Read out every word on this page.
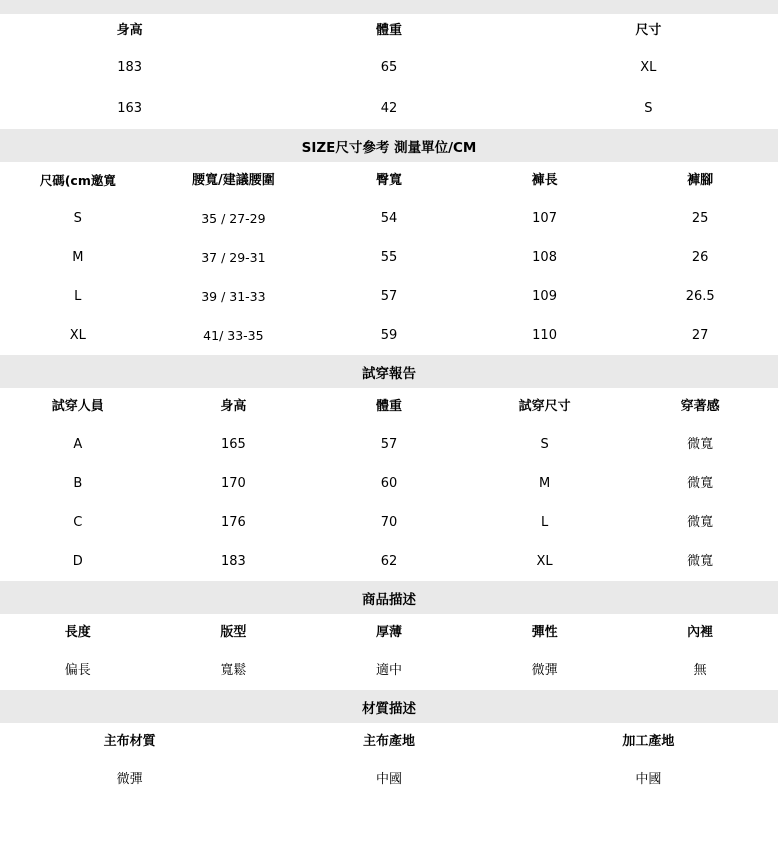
身高	體重	尺寸
183	65	XL
163	42	S
SIZE尺寸參考 測量單位/CM
尺碼(cm邀寬	腰寬/建議腰圍	臀寬	褲長	褲腳
S	35 / 27-29	54	107	25
M	37 / 29-31	55	108	26
L	39 / 31-33	57	109	26.5
XL	41/ 33-35	59	110	27
試穿報告
試穿人員	身高	體重	試穿尺寸	穿著感
A	165	57	S	微寬
B	170	60	M	微寬
C	176	70	L	微寬
D	183	62	XL	微寬
商品描述
長度	版型	厚薄	彈性	內裡
偏長	寬鬆	適中	微彈	無
材質描述
主布材質	主布產地	加工產地
微彈	中國	中國
